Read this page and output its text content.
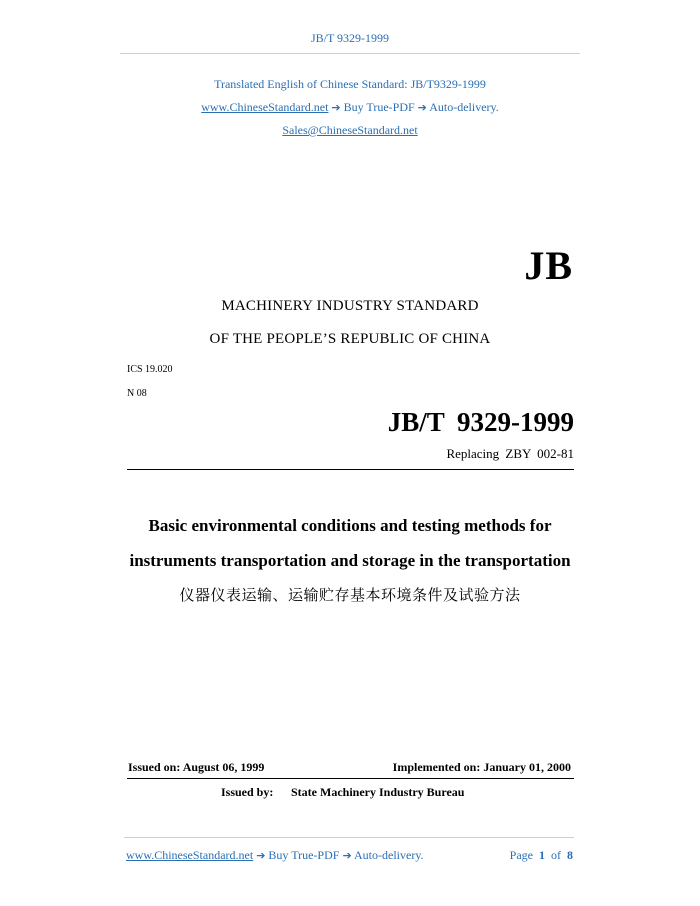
JB/T 9329-1999
Translated English of Chinese Standard: JB/T9329-1999
www.ChineseStandard.net ➔ Buy True-PDF ➔ Auto-delivery.
Sales@ChineseStandard.net
JB
MACHINERY INDUSTRY STANDARD
OF THE PEOPLE’S REPUBLIC OF CHINA
ICS 19.020
N 08
JB/T 9329-1999
Replacing ZBY 002-81
Basic environmental conditions and testing methods for
instruments transportation and storage in the transportation
仪器仪表运输、运输贮存基本环境条件及试验方法
Issued on: August 06, 1999	Implemented on: January 01, 2000
Issued by: State Machinery Industry Bureau
www.ChineseStandard.net ➔ Buy True-PDF ➔ Auto-delivery.	Page 1 of 8
